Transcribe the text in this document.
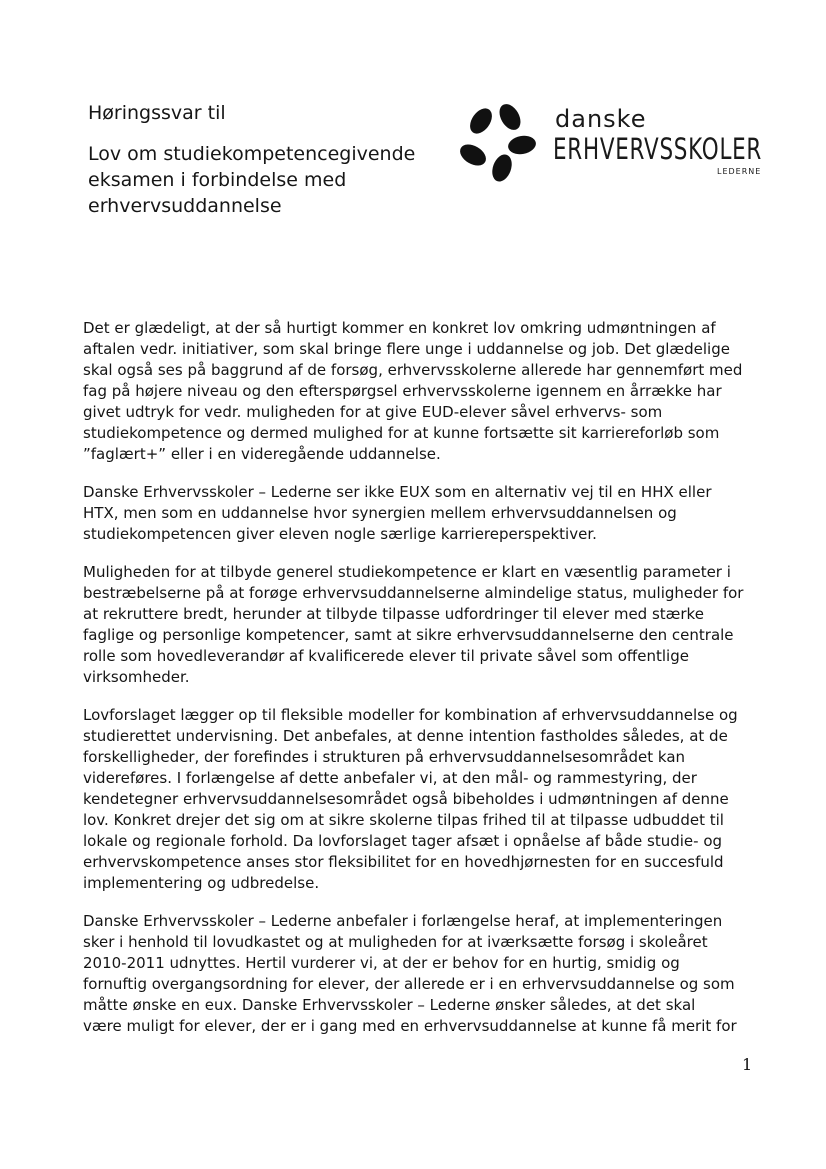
Høringssvar til
Lov om studiekompetencegivende
eksamen i forbindelse med
erhvervsuddannelse
danske
ERHVERVSSKOLER
LEDERNE

Det er glædeligt, at der så hurtigt kommer en konkret lov omkring udmøntningen af
aftalen vedr. initiativer, som skal bringe flere unge i uddannelse og job. Det glædelige
skal også ses på baggrund af de forsøg, erhvervsskolerne allerede har gennemført med
fag på højere niveau og den efterspørgsel erhvervsskolerne igennem en årrække har
givet udtryk for vedr. muligheden for at give EUD-elever såvel erhvervs- som
studiekompetence og dermed mulighed for at kunne fortsætte sit karriereforløb som
”faglært+” eller i en videregående uddannelse.

Danske Erhvervsskoler – Lederne ser ikke EUX som en alternativ vej til en HHX eller
HTX, men som en uddannelse hvor synergien mellem erhvervsuddannelsen og
studiekompetencen giver eleven nogle særlige karriereperspektiver.

Muligheden for at tilbyde generel studiekompetence er klart en væsentlig parameter i
bestræbelserne på at forøge erhvervsuddannelserne almindelige status, muligheder for
at rekruttere bredt, herunder at tilbyde tilpasse udfordringer til elever med stærke
faglige og personlige kompetencer, samt at sikre erhvervsuddannelserne den centrale
rolle som hovedleverandør af kvalificerede elever til private såvel som offentlige
virksomheder.

Lovforslaget lægger op til fleksible modeller for kombination af erhvervsuddannelse og
studierettet undervisning. Det anbefales, at denne intention fastholdes således, at de
forskelligheder, der forefindes i strukturen på erhvervsuddannelsesområdet kan
videreføres. I forlængelse af dette anbefaler vi, at den mål- og rammestyring, der
kendetegner erhvervsuddannelsesområdet også bibeholdes i udmøntningen af denne
lov. Konkret drejer det sig om at sikre skolerne tilpas frihed til at tilpasse udbuddet til
lokale og regionale forhold. Da lovforslaget tager afsæt i opnåelse af både studie- og
erhvervskompetence anses stor fleksibilitet for en hovedhjørnesten for en succesfuld
implementering og udbredelse.

Danske Erhvervsskoler – Lederne anbefaler i forlængelse heraf, at implementeringen
sker i henhold til lovudkastet og at muligheden for at iværksætte forsøg i skoleåret
2010-2011 udnyttes. Hertil vurderer vi, at der er behov for en hurtig, smidig og
fornuftig overgangsordning for elever, der allerede er i en erhvervsuddannelse og som
måtte ønske en eux. Danske Erhvervsskoler – Lederne ønsker således, at det skal
være muligt for elever, der er i gang med en erhvervsuddannelse at kunne få merit for

1
